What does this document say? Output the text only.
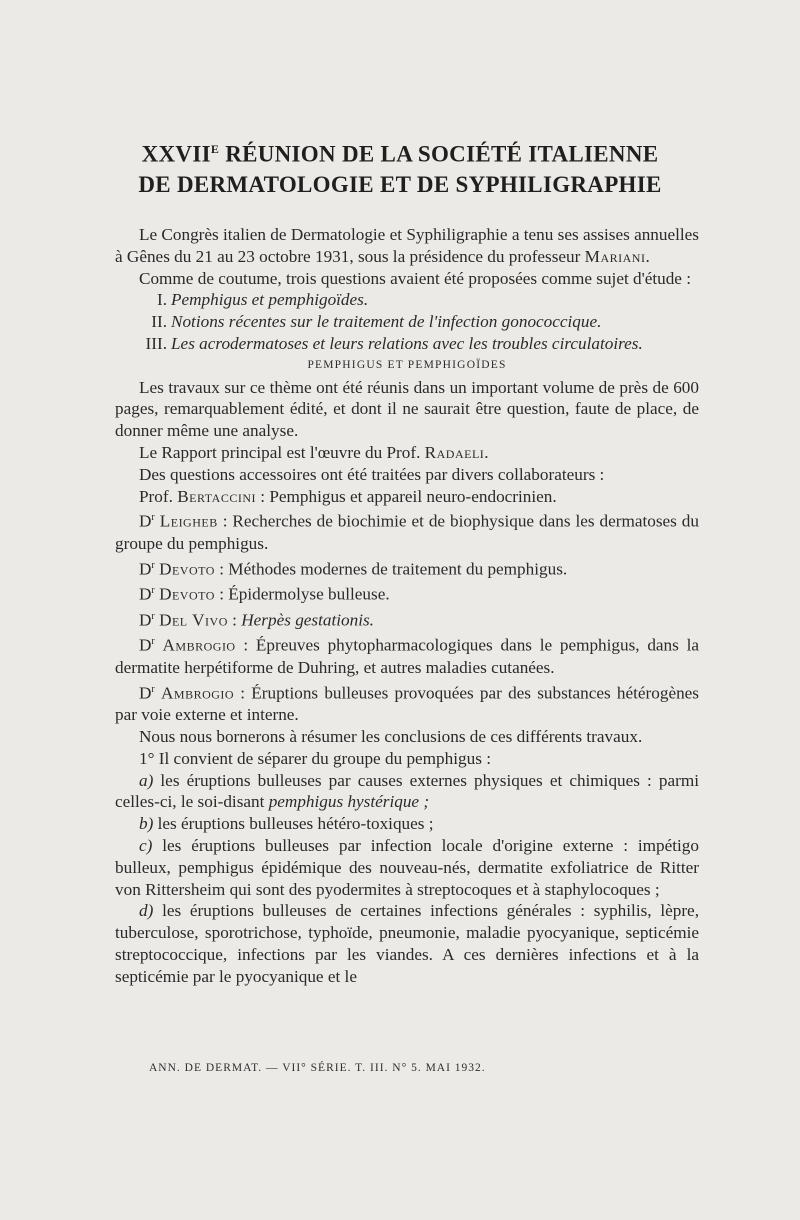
$XXVII^E$ RÉUNION DE LA SOCIÉTÉ ITALIENNE

DE DERMATOLOGIE ET DE SYPHILIGRAPHIE

Le Congrès italien de Dermatologie et Syphiligraphie a tenu ses assises annuelles à Gênes du 21 au 23 octobre 1931, sous la présidence du professeur Mariani.

Comme de coutume, trois questions avaient été proposées comme sujet d'étude :

I. Pemphigus et pemphigoïdes.

II. Notions récentes sur le traitement de l'infection gonococcique.

III. Les acrodermatoses et leurs relations avec les troubles circulatoires.

PEMPHIGUS ET PEMPHIGOÏDES

Les travaux sur ce thème ont été réunis dans un important volume de près de 600 pages, remarquablement édité, et dont il ne saurait être question, faute de place, de donner même une analyse.

Le Rapport principal est l'œuvre du Prof. Radaeli.

Des questions accessoires ont été traitées par divers collaborateurs :

Prof. Bertaccini : Pemphigus et appareil neuro-endocrinien.

$D^r$ Leigheb : Recherches de biochimie et de biophysique dans les dermatoses du groupe du pemphigus.

$D^r$ Devoto : Méthodes modernes de traitement du pemphigus.

$D^r$ Devoto : Épidermolyse bulleuse.

$D^r$ Del Vivo : Herpès gestationis.

$D^r$ Ambrogio : Épreuves phytopharmacologiques dans le pemphigus, dans la dermatite herpétiforme de Duhring, et autres maladies cutanées.

$D^r$ Ambrogio : Éruptions bulleuses provoquées par des substances hétérogènes par voie externe et interne.

Nous nous bornerons à résumer les conclusions de ces différents travaux.

1° Il convient de séparer du groupe du pemphigus :

a) les éruptions bulleuses par causes externes physiques et chimiques : parmi celles-ci, le soi-disant pemphigus hystérique ;

b) les éruptions bulleuses hétéro-toxiques ;

c) les éruptions bulleuses par infection locale d'origine externe : impétigo bulleux, pemphigus épidémique des nouveau-nés, dermatite exfoliatrice de Ritter von Rittersheim qui sont des pyodermites à streptocoques et à staphylocoques ;

d) les éruptions bulleuses de certaines infections générales : syphilis, lèpre, tuberculose, sporotrichose, typhoïde, pneumonie, maladie pyocyanique, septicémie streptococcique, infections par les viandes. A ces dernières infections et à la septicémie par le pyocyanique et le

ANN. DE DERMAT. — VII° SÉRIE. T. III. N° 5. MAI 1932.
